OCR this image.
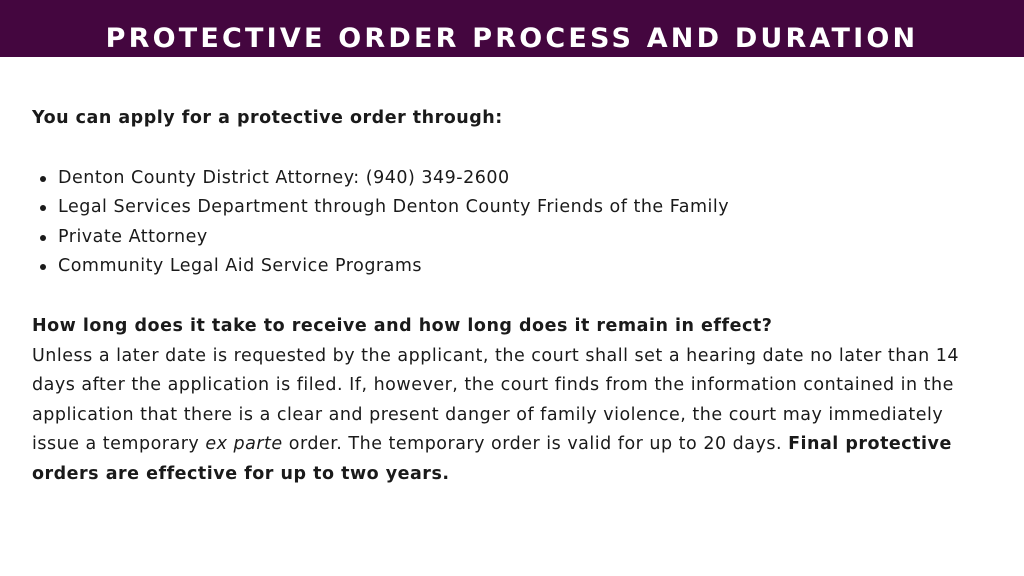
PROTECTIVE ORDER PROCESS AND DURATION

You can apply for a protective order through:

Denton County District Attorney: (940) 349-2600
Legal Services Department through Denton County Friends of the Family
Private Attorney
Community Legal Aid Service Programs

How long does it take to receive and how long does it remain in effect?

Unless a later date is requested by the applicant, the court shall set a hearing date no later than 14 days after the application is filed. If, however, the court finds from the information contained in the application that there is a clear and present danger of family violence, the court may immediately issue a temporary ex parte order. The temporary order is valid for up to 20 days. Final protective orders are effective for up to two years.
